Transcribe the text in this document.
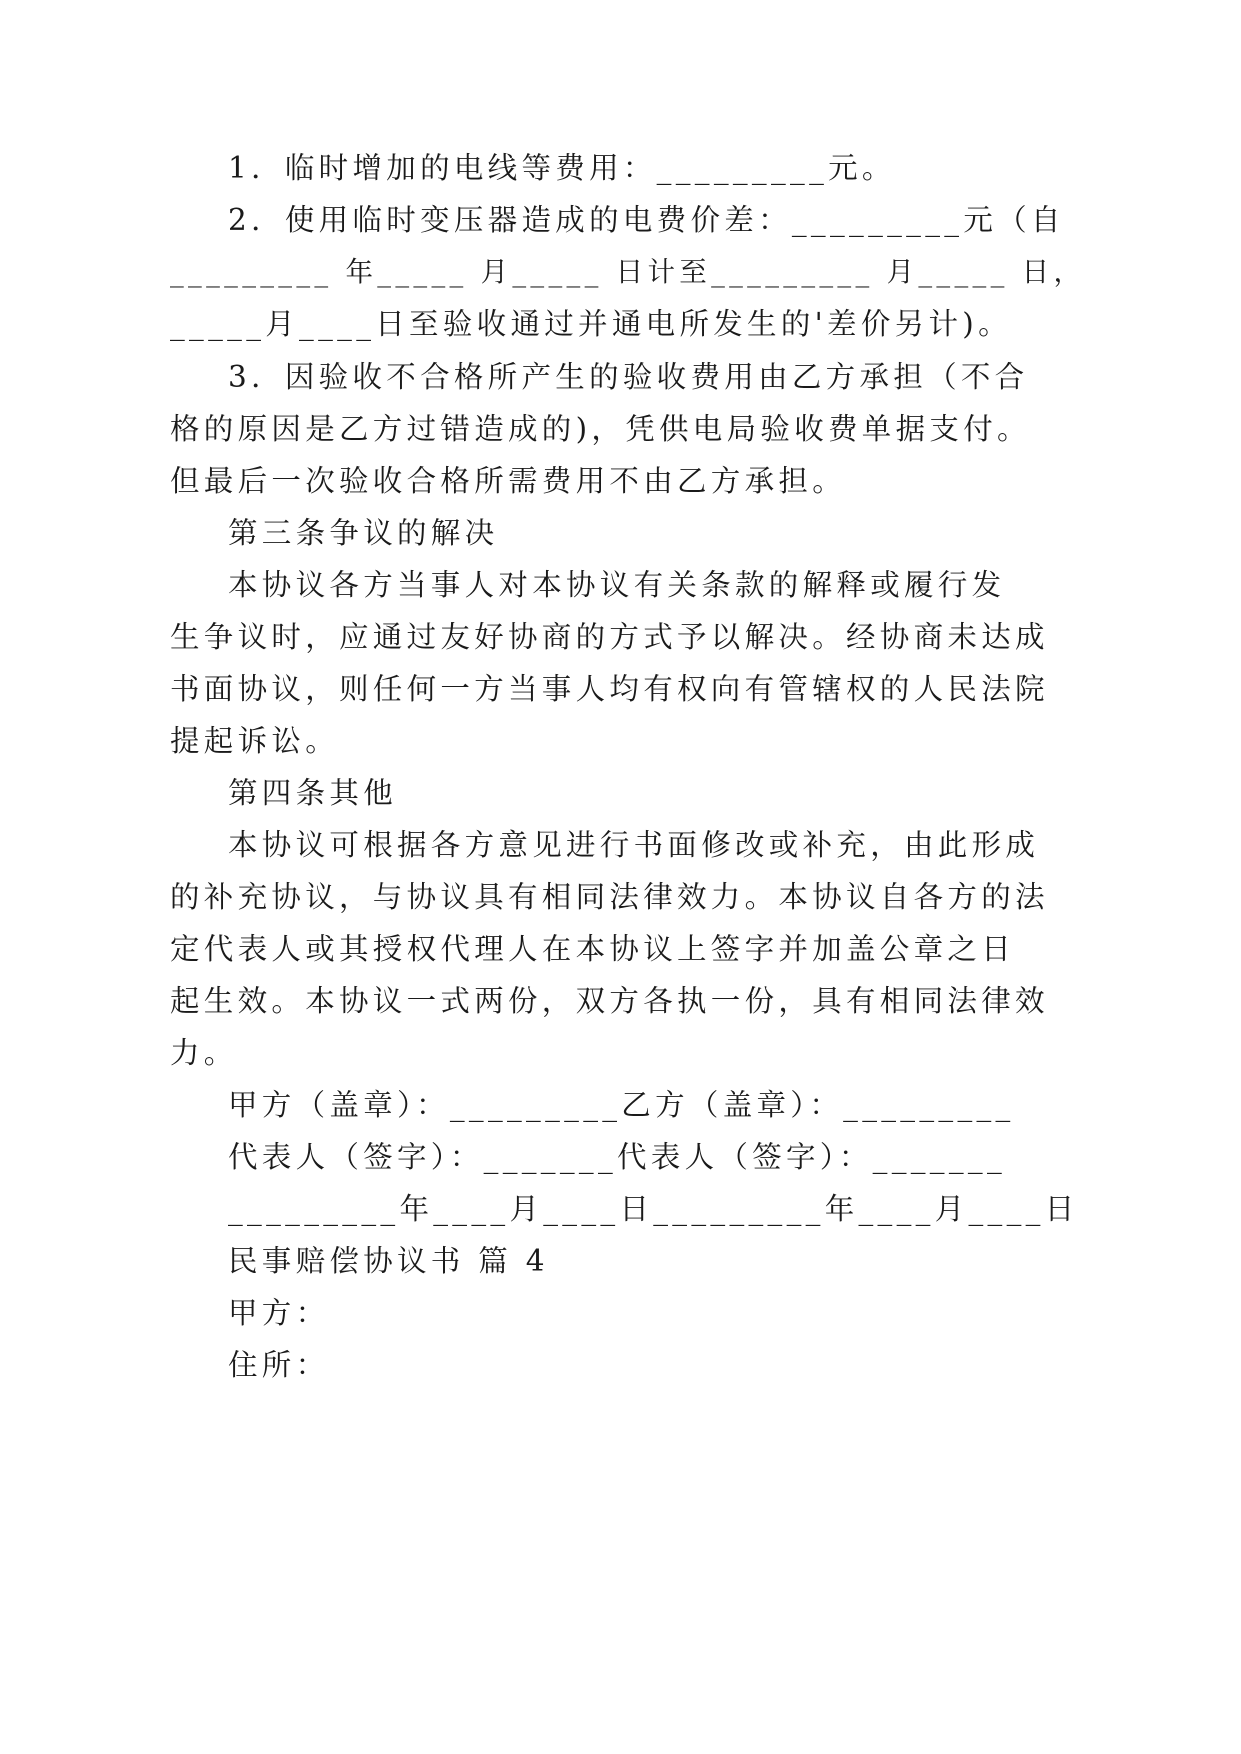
1．临时增加的电线等费用：_________元。
2．使用临时变压器造成的电费价差：_________元（自
_________ 年_____ 月_____ 日计至_________ 月_____ 日，
_____月____日至验收通过并通电所发生的'差价另计)。
3．因验收不合格所产生的验收费用由乙方承担（不合
格的原因是乙方过错造成的)，凭供电局验收费单据支付。
但最后一次验收合格所需费用不由乙方承担。
第三条争议的解决
本协议各方当事人对本协议有关条款的解释或履行发
生争议时，应通过友好协商的方式予以解决。经协商未达成
书面协议，则任何一方当事人均有权向有管辖权的人民法院
提起诉讼。
第四条其他
本协议可根据各方意见进行书面修改或补充，由此形成
的补充协议，与协议具有相同法律效力。本协议自各方的法
定代表人或其授权代理人在本协议上签字并加盖公章之日
起生效。本协议一式两份，双方各执一份，具有相同法律效
力。
甲方（盖章）：_________乙方（盖章）：_________
代表人（签字）：_______代表人（签字）：_______
_________年____月____日_________年____月____日
民事赔偿协议书 篇 4
甲方：
住所：
